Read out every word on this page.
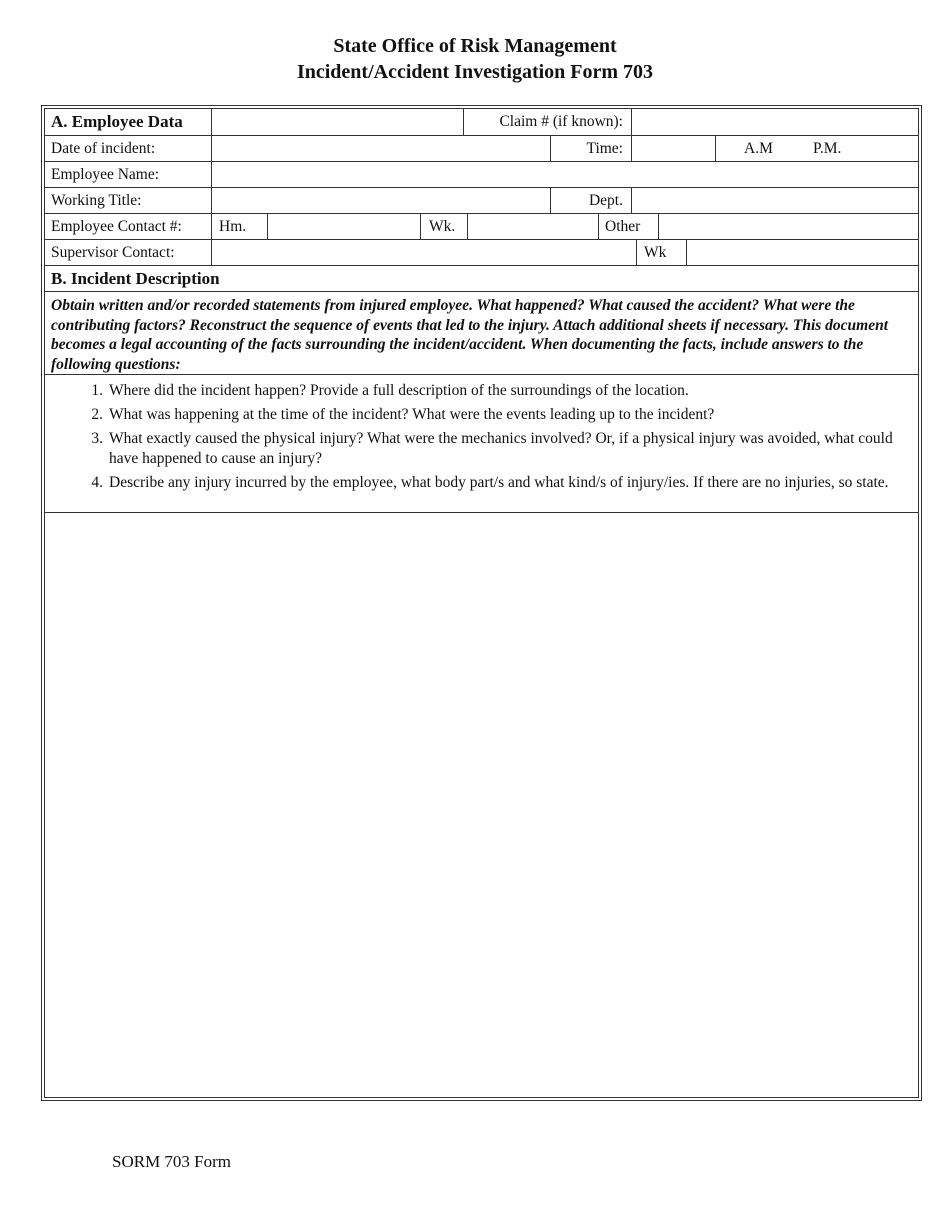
State Office of Risk Management
Incident/Accident Investigation Form 703
A. Employee Data	Claim # (if known):
Date of incident:	Time:	A.M	P.M.
Employee Name:
Working Title:	Dept.
Employee Contact #:	Hm.	Wk.	Other
Supervisor Contact:	Wk
B. Incident Description
Obtain written and/or recorded statements from injured employee. What happened? What caused the accident? What were the contributing factors? Reconstruct the sequence of events that led to the injury. Attach additional sheets if necessary. This document becomes a legal accounting of the facts surrounding the incident/accident. When documenting the facts, include answers to the following questions:
1. Where did the incident happen? Provide a full description of the surroundings of the location.
2. What was happening at the time of the incident? What were the events leading up to the incident?
3. What exactly caused the physical injury? What were the mechanics involved? Or, if a physical injury was avoided, what could have happened to cause an injury?
4. Describe any injury incurred by the employee, what body part/s and what kind/s of injury/ies. If there are no injuries, so state.
SORM 703 Form
